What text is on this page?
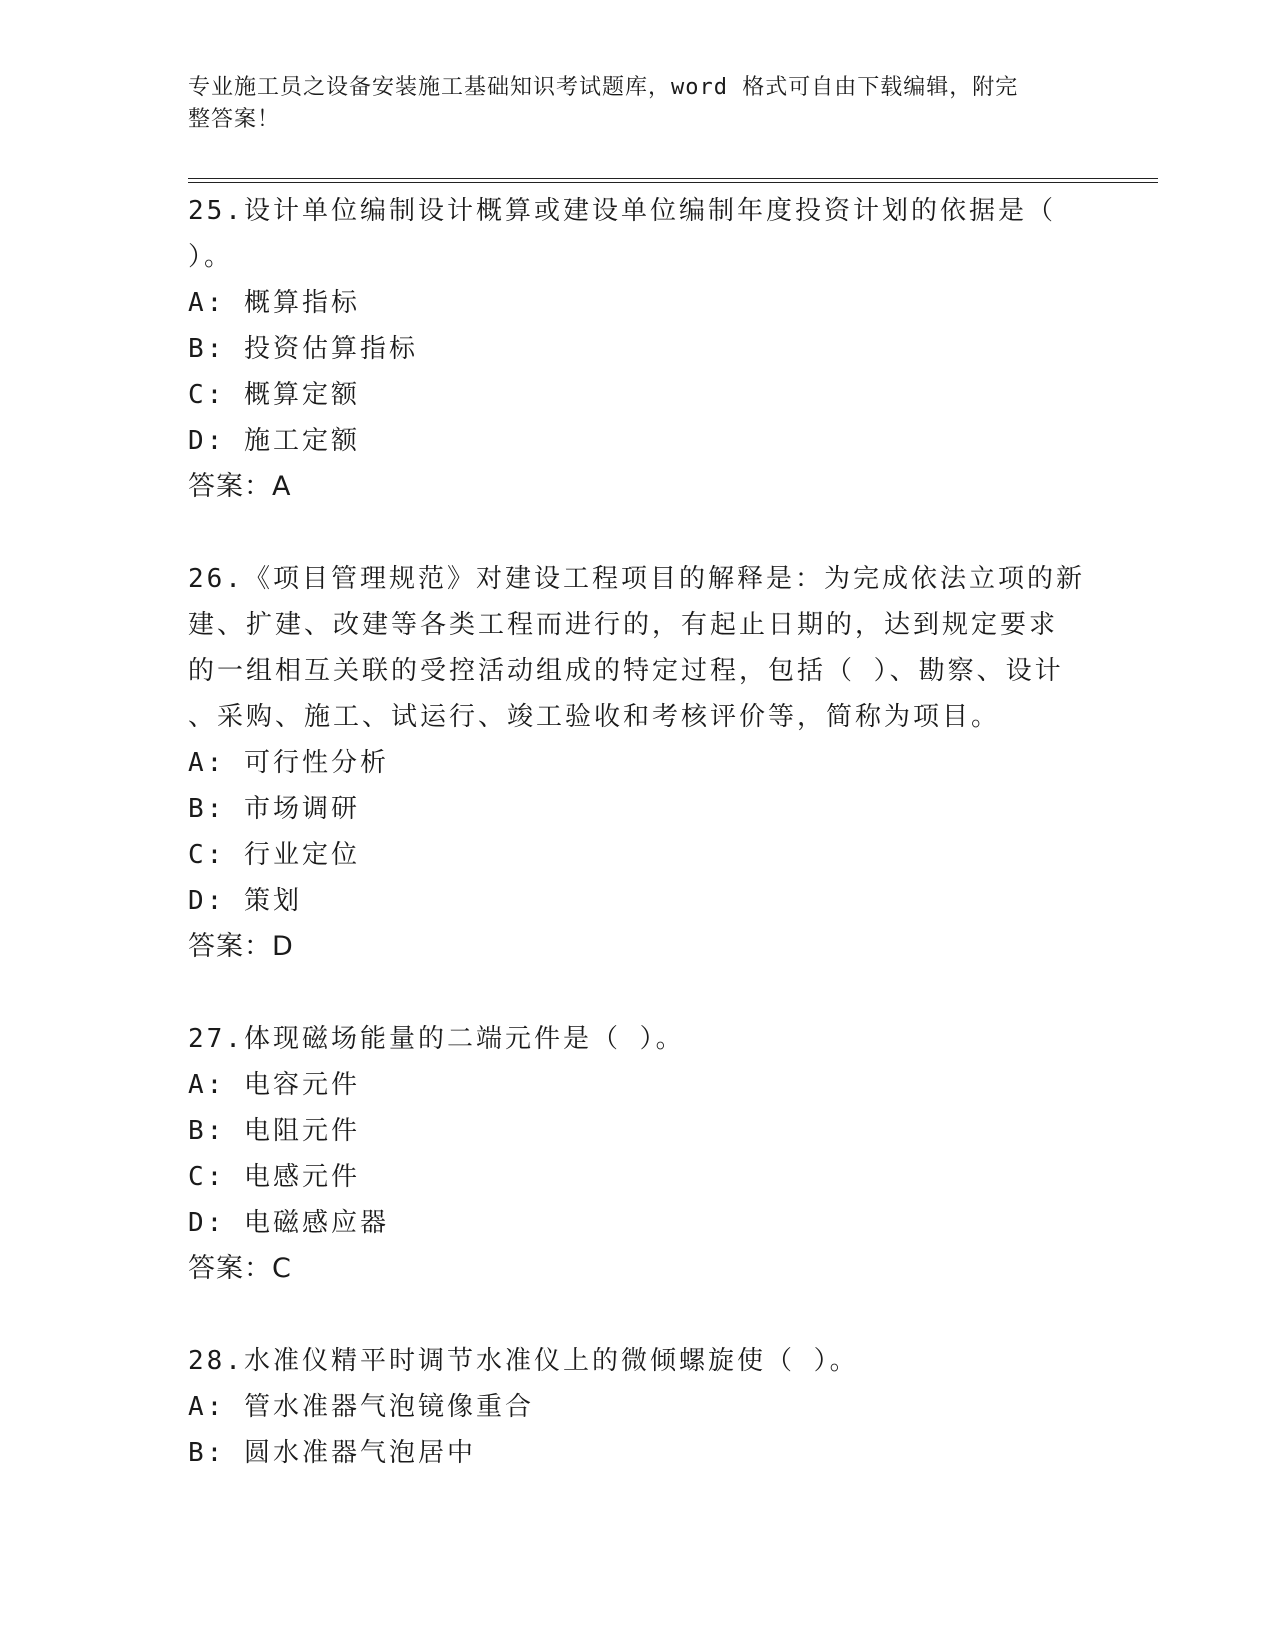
专业施工员之设备安装施工基础知识考试题库，word 格式可自由下载编辑，附完
整答案！
25.设计单位编制设计概算或建设单位编制年度投资计划的依据是（
）。
A: 概算指标
B: 投资估算指标
C: 概算定额
D: 施工定额
答案：A
26.《项目管理规范》对建设工程项目的解释是：为完成依法立项的新
建、扩建、改建等各类工程而进行的，有起止日期的，达到规定要求
的一组相互关联的受控活动组成的特定过程，包括（ ）、勘察、设计
、采购、施工、试运行、竣工验收和考核评价等，简称为项目。
A: 可行性分析
B: 市场调研
C: 行业定位
D: 策划
答案：D
27.体现磁场能量的二端元件是（ ）。
A: 电容元件
B: 电阻元件
C: 电感元件
D: 电磁感应器
答案：C
28.水准仪精平时调节水准仪上的微倾螺旋使（ ）。
A: 管水准器气泡镜像重合
B: 圆水准器气泡居中
